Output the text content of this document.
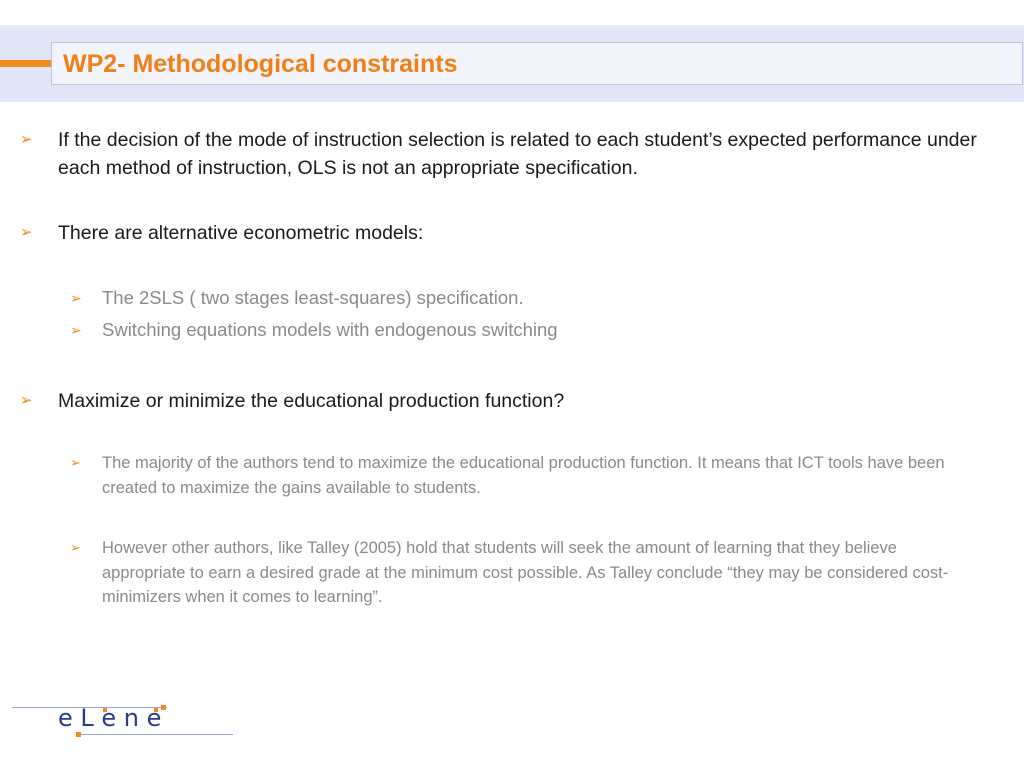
WP2- Methodological constraints
➢	If the decision of the mode of instruction selection is related to each student’s expected performance under each method of instruction, OLS is not an appropriate specification.
➢	There are alternative econometric models:
➢	The 2SLS ( two stages least-squares) specification.
➢	Switching equations models with endogenous switching
➢	Maximize or minimize the educational production function?
➢	The majority of the authors tend to maximize the educational production function. It means that ICT tools have been created to maximize the gains available to students.
➢	However other authors, like Talley (2005) hold that students will seek the amount of learning that they believe appropriate to earn a desired grade at the minimum cost possible. As Talley conclude “they may be considered cost-minimizers when it comes to learning”.
e L e n e
